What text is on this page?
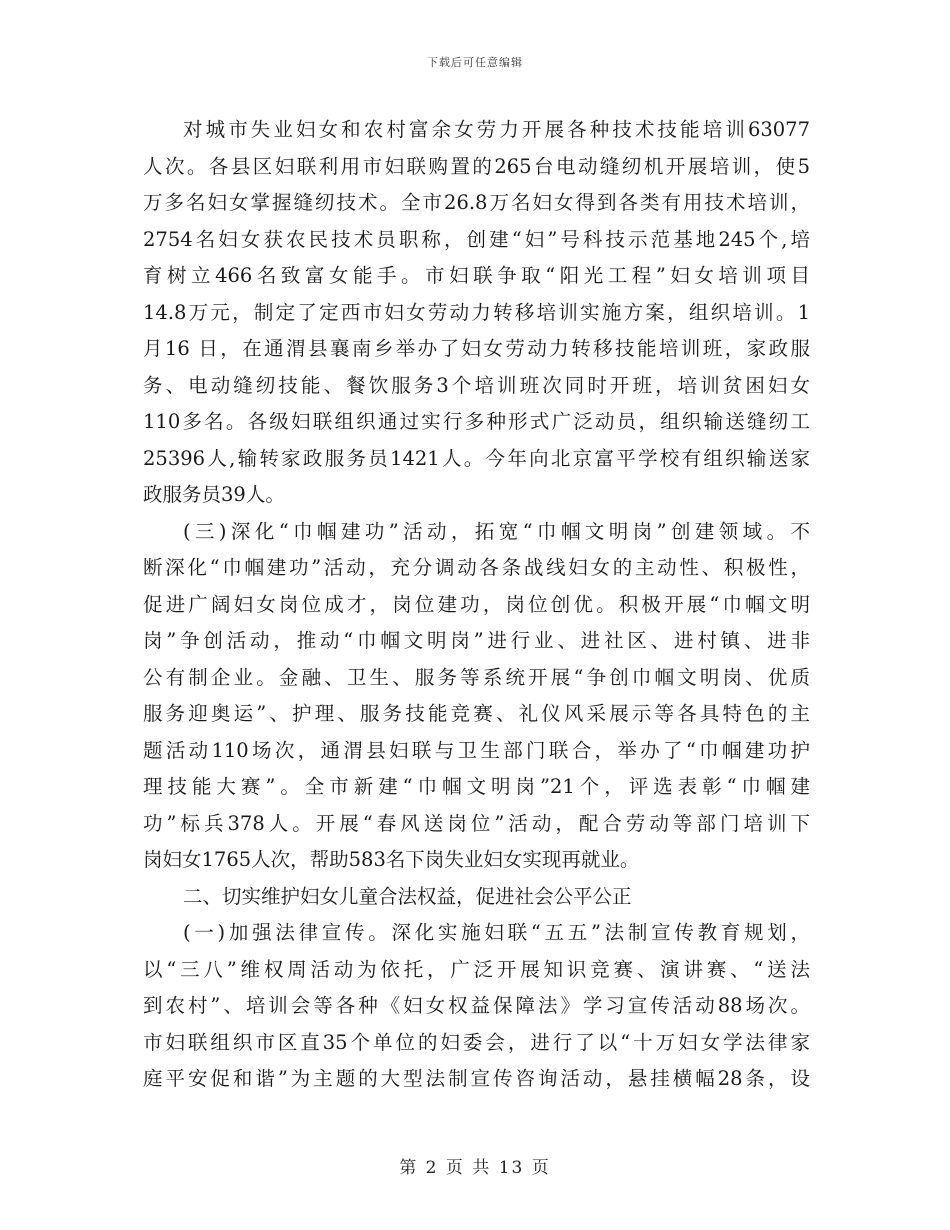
下载后可任意编辑
对城市失业妇女和农村富余女劳力开展各种技术技能培训63077
人次。各县区妇联利用市妇联购置的265台电动缝纫机开展培训，使5
万多名妇女掌握缝纫技术。全市26.8万名妇女得到各类有用技术培训，
2754名妇女获农民技术员职称，创建“妇”号科技示范基地245个,培
育树立466名致富女能手。市妇联争取“阳光工程”妇女培训项目
14.8万元，制定了定西市妇女劳动力转移培训实施方案，组织培训。1
月16 日，在通渭县襄南乡举办了妇女劳动力转移技能培训班，家政服
务、电动缝纫技能、餐饮服务3个培训班次同时开班，培训贫困妇女
110多名。各级妇联组织通过实行多种形式广泛动员，组织输送缝纫工
25396人,输转家政服务员1421人。今年向北京富平学校有组织输送家
政服务员39人。
(三)深化“巾帼建功”活动，拓宽“巾帼文明岗”创建领域。不
断深化“巾帼建功”活动，充分调动各条战线妇女的主动性、积极性，
促进广阔妇女岗位成才，岗位建功，岗位创优。积极开展“巾帼文明
岗”争创活动，推动“巾帼文明岗”进行业、进社区、进村镇、进非
公有制企业。金融、卫生、服务等系统开展“争创巾帼文明岗、优质
服务迎奥运”、护理、服务技能竞赛、礼仪风采展示等各具特色的主
题活动110场次，通渭县妇联与卫生部门联合，举办了“巾帼建功护
理技能大赛”。全市新建“巾帼文明岗”21个，评选表彰“巾帼建
功”标兵378人。开展“春风送岗位”活动，配合劳动等部门培训下
岗妇女1765人次，帮助583名下岗失业妇女实现再就业。
二、切实维护妇女儿童合法权益，促进社会公平公正
(一)加强法律宣传。深化实施妇联“五五”法制宣传教育规划，
以“三八”维权周活动为依托，广泛开展知识竞赛、演讲赛、“送法
到农村”、培训会等各种《妇女权益保障法》学习宣传活动88场次。
市妇联组织市区直35个单位的妇委会，进行了以“十万妇女学法律家
庭平安促和谐”为主题的大型法制宣传咨询活动，悬挂横幅28条，设
第 2 页 共 13 页
